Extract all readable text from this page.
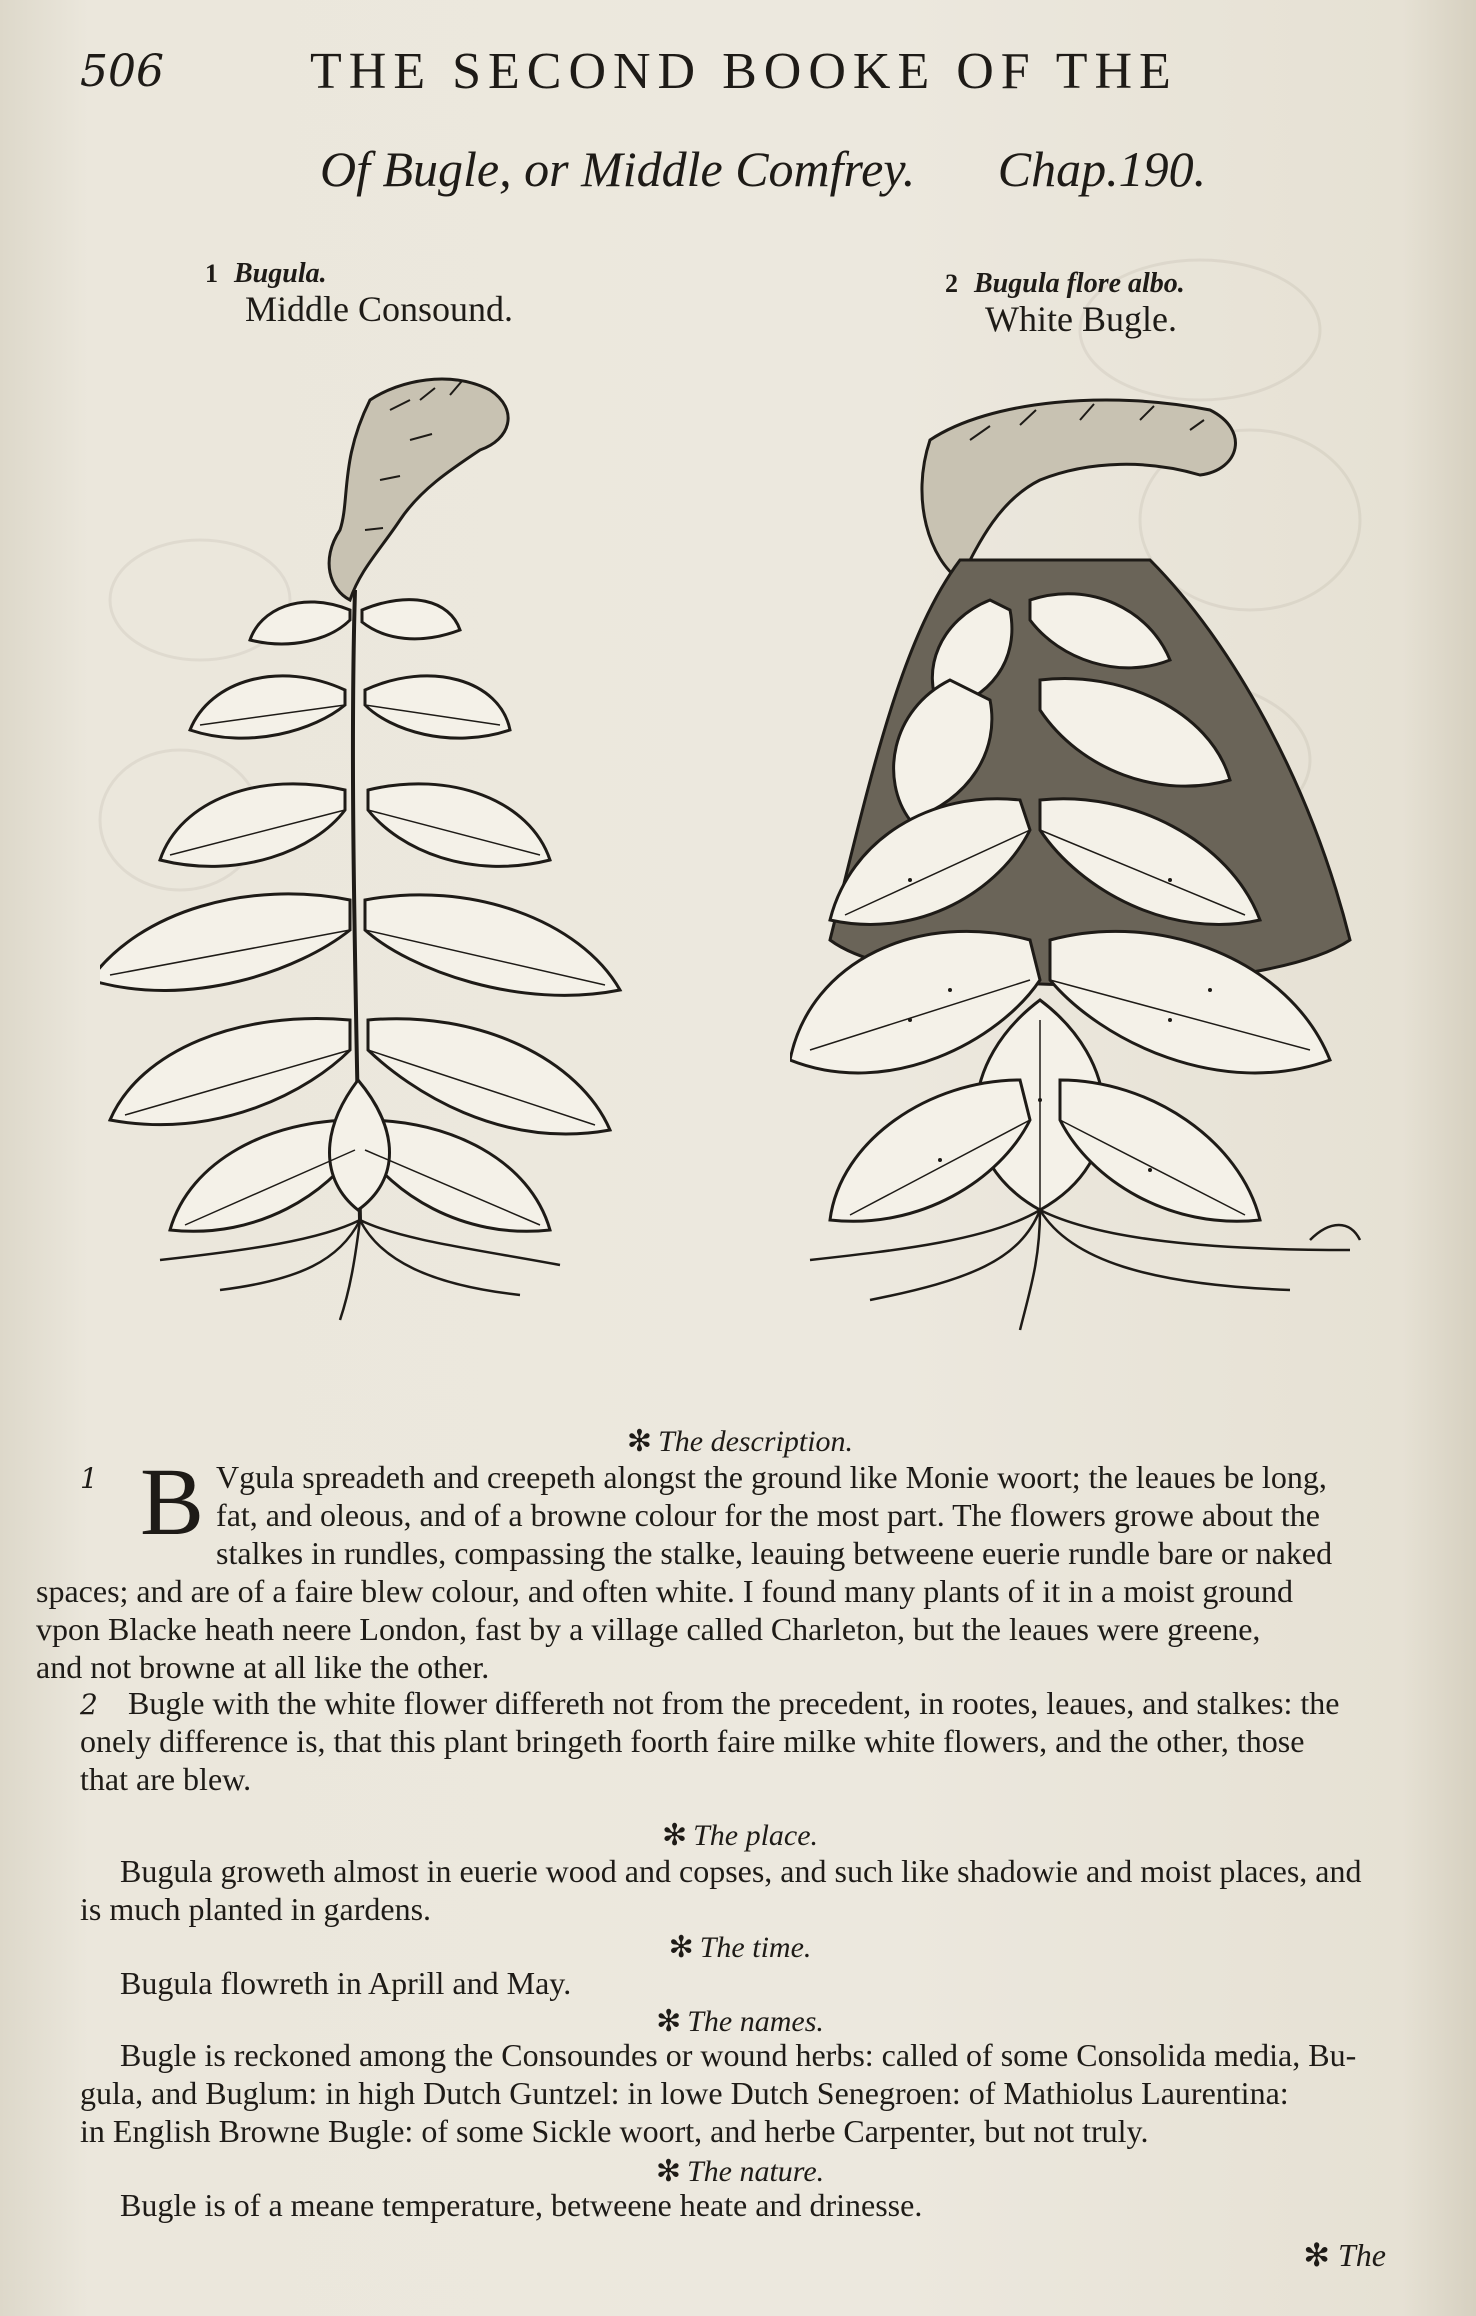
506	THE SECOND BOOKE OF THE
Of Bugle, or Middle Comfrey. Chap.190.
1 Bugula.
Middle Consound.
2 Bugula flore albo.
White Bugle.
✻ The description.
1 B Vgula spreadeth and creepeth alongst the ground like Monie woort; the leaues be long,
fat, and oleous, and of a browne colour for the most part. The flowers growe about the
stalkes in rundles, compassing the stalke, leauing betweene euerie rundle bare or naked
spaces; and are of a faire blew colour, and often white. I found many plants of it in a moist ground
vpon Blacke heath neere London, fast by a village called Charleton, but the leaues were greene,
and not browne at all like the other.
2 Bugle with the white flower differeth not from the precedent, in rootes, leaues, and stalkes: the
onely difference is, that this plant bringeth foorth faire milke white flowers, and the other, those
that are blew.
✻ The place.
Bugula groweth almost in euerie wood and copses, and such like shadowie and moist places, and
is much planted in gardens.
✻ The time.
Bugula flowreth in Aprill and May.
✻ The names.
Bugle is reckoned among the Consoundes or wound herbs: called of some Consolida media, Bu-
gula, and Buglum: in high Dutch Guntzel: in lowe Dutch Senegroen: of Mathiolus Laurentina:
in English Browne Bugle: of some Sickle woort, and herbe Carpenter, but not truly.
✻ The nature.
Bugle is of a meane temperature, betweene heate and drinesse.
✻ The
